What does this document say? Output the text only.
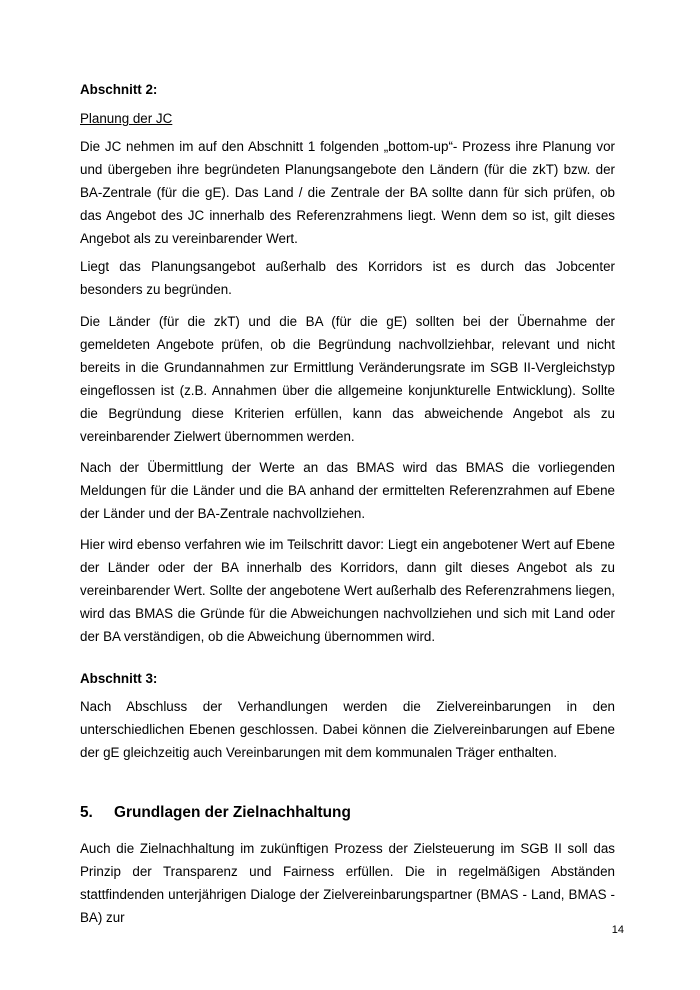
Abschnitt 2:
Planung der JC

Die JC nehmen im auf den Abschnitt 1 folgenden „bottom-up“- Prozess ihre Planung vor und übergeben ihre begründeten Planungsangebote den Ländern (für die zkT) bzw. der BA-Zentrale (für die gE). Das Land / die Zentrale der BA sollte dann für sich prüfen, ob das Angebot des JC innerhalb des Referenzrahmens liegt. Wenn dem so ist, gilt dieses Angebot als zu vereinbarender Wert.

Liegt das Planungsangebot außerhalb des Korridors ist es durch das Jobcenter besonders zu begründen.

Die Länder (für die zkT) und die BA (für die gE) sollten bei der Übernahme der gemeldeten Angebote prüfen, ob die Begründung nachvollziehbar, relevant und nicht bereits in die Grundannahmen zur Ermittlung Veränderungsrate im SGB II-Vergleichstyp eingeflossen ist (z.B. Annahmen über die allgemeine konjunkturelle Entwicklung). Sollte die Begründung diese Kriterien erfüllen, kann das abweichende Angebot als zu vereinbarender Zielwert übernommen werden.

Nach der Übermittlung der Werte an das BMAS wird das BMAS die vorliegenden Meldungen für die Länder und die BA anhand der ermittelten Referenzrahmen auf Ebene der Länder und der BA-Zentrale nachvollziehen.

Hier wird ebenso verfahren wie im Teilschritt davor: Liegt ein angebotener Wert auf Ebene der Länder oder der BA innerhalb des Korridors, dann gilt dieses Angebot als zu vereinbarender Wert. Sollte der angebotene Wert außerhalb des Referenzrahmens liegen, wird das BMAS die Gründe für die Abweichungen nachvollziehen und sich mit Land oder der BA verständigen, ob die Abweichung übernommen wird.

Abschnitt 3:

Nach Abschluss der Verhandlungen werden die Zielvereinbarungen in den unterschiedlichen Ebenen geschlossen. Dabei können die Zielvereinbarungen auf Ebene der gE gleichzeitig auch Vereinbarungen mit dem kommunalen Träger enthalten.

5. Grundlagen der Zielnachhaltung

Auch die Zielnachhaltung im zukünftigen Prozess der Zielsteuerung im SGB II soll das Prinzip der Transparenz und Fairness erfüllen. Die in regelmäßigen Abständen stattfindenden unterjährigen Dialoge der Zielvereinbarungspartner (BMAS - Land, BMAS - BA) zur

14
